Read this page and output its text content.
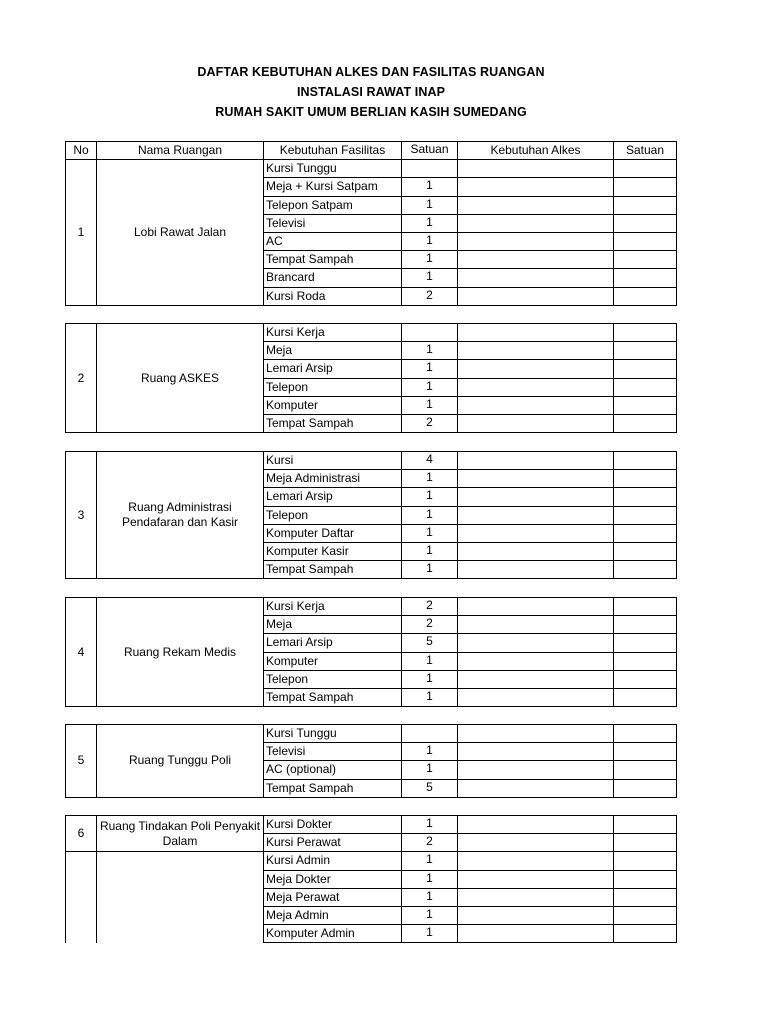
DAFTAR KEBUTUHAN ALKES DAN FASILITAS RUANGAN
INSTALASI RAWAT INAP
RUMAH SAKIT UMUM BERLIAN KASIH SUMEDANG
No	Nama Ruangan	Kebutuhan Fasilitas	Satuan	Kebutuhan Alkes	Satuan
1	Lobi Rawat Jalan	Kursi Tunggu			
		Meja + Kursi Satpam	1		
		Telepon Satpam	1		
		Televisi	1		
		AC	1		
		Tempat Sampah	1		
		Brancard	1		
		Kursi Roda	2		
2	Ruang ASKES	Kursi Kerja			
		Meja	1		
		Lemari Arsip	1		
		Telepon	1		
		Komputer	1		
		Tempat Sampah	2		
3	Ruang Administrasi Pendafaran dan Kasir	Kursi	4		
		Meja Administrasi	1		
		Lemari Arsip	1		
		Telepon	1		
		Komputer Daftar	1		
		Komputer Kasir	1		
		Tempat Sampah	1		
4	Ruang Rekam Medis	Kursi Kerja	2		
		Meja	2		
		Lemari Arsip	5		
		Komputer	1		
		Telepon	1		
		Tempat Sampah	1		
5	Ruang Tunggu Poli	Kursi Tunggu			
		Televisi	1		
		AC (optional)	1		
		Tempat Sampah	5		
6	Ruang Tindakan Poli Penyakit Dalam	Kursi Dokter	1		
		Kursi Perawat	2		
		Kursi Admin	1		
		Meja Dokter	1		
		Meja Perawat	1		
		Meja Admin	1		
		Komputer Admin	1		
